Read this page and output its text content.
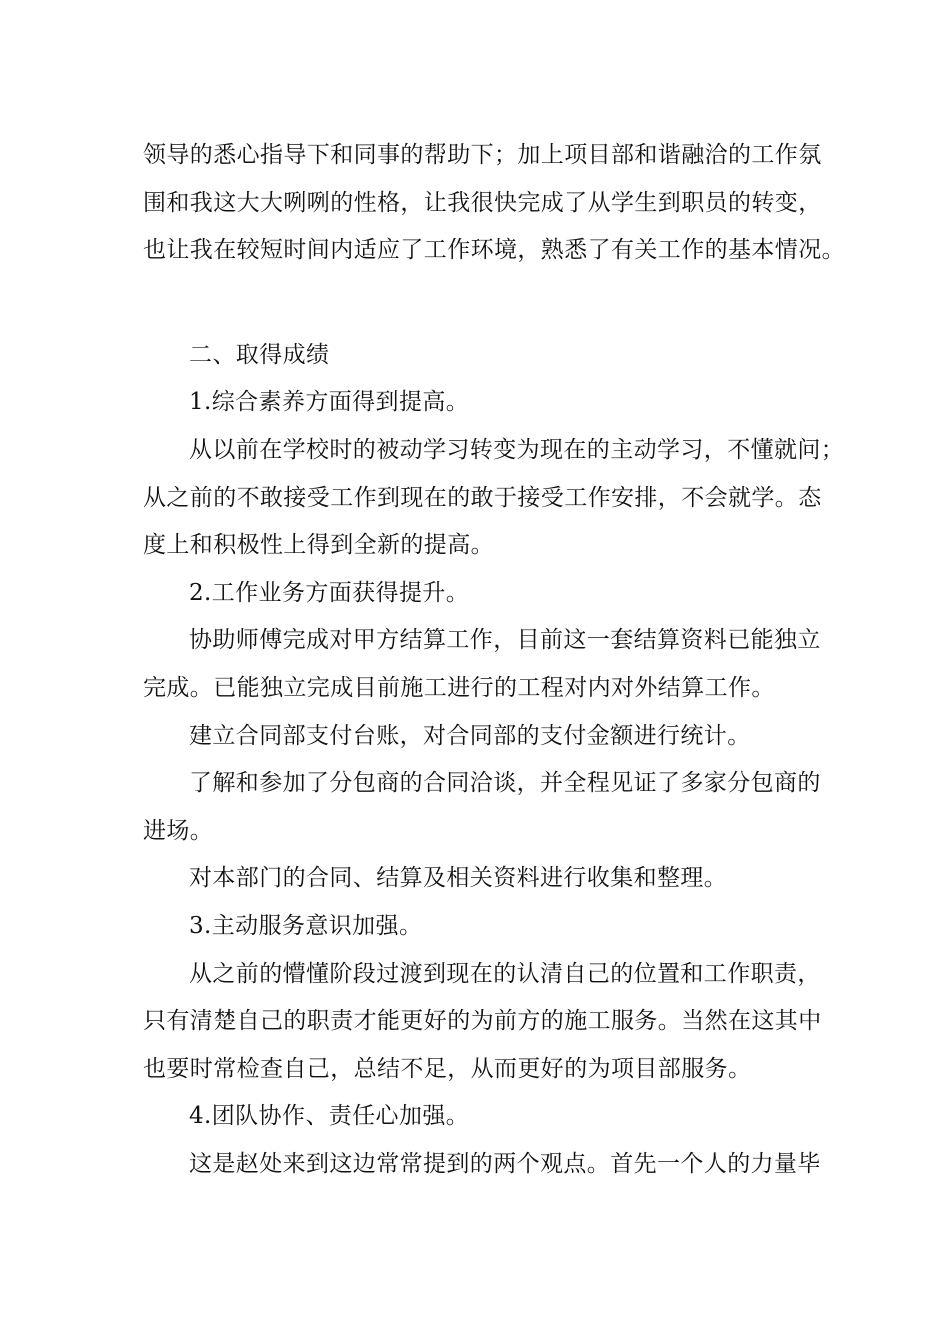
领导的悉心指导下和同事的帮助下；加上项目部和谐融洽的工作氛
围和我这大大咧咧的性格，让我很快完成了从学生到职员的转变，
也让我在较短时间内适应了工作环境，熟悉了有关工作的基本情况。
二、取得成绩
1.综合素养方面得到提高。
从以前在学校时的被动学习转变为现在的主动学习，不懂就问；
从之前的不敢接受工作到现在的敢于接受工作安排，不会就学。态
度上和积极性上得到全新的提高。
2.工作业务方面获得提升。
协助师傅完成对甲方结算工作，目前这一套结算资料已能独立
完成。已能独立完成目前施工进行的工程对内对外结算工作。
建立合同部支付台账，对合同部的支付金额进行统计。
了解和参加了分包商的合同洽谈，并全程见证了多家分包商的
进场。
对本部门的合同、结算及相关资料进行收集和整理。
3.主动服务意识加强。
从之前的懵懂阶段过渡到现在的认清自己的位置和工作职责，
只有清楚自己的职责才能更好的为前方的施工服务。当然在这其中
也要时常检查自己，总结不足，从而更好的为项目部服务。
4.团队协作、责任心加强。
这是赵处来到这边常常提到的两个观点。首先一个人的力量毕
